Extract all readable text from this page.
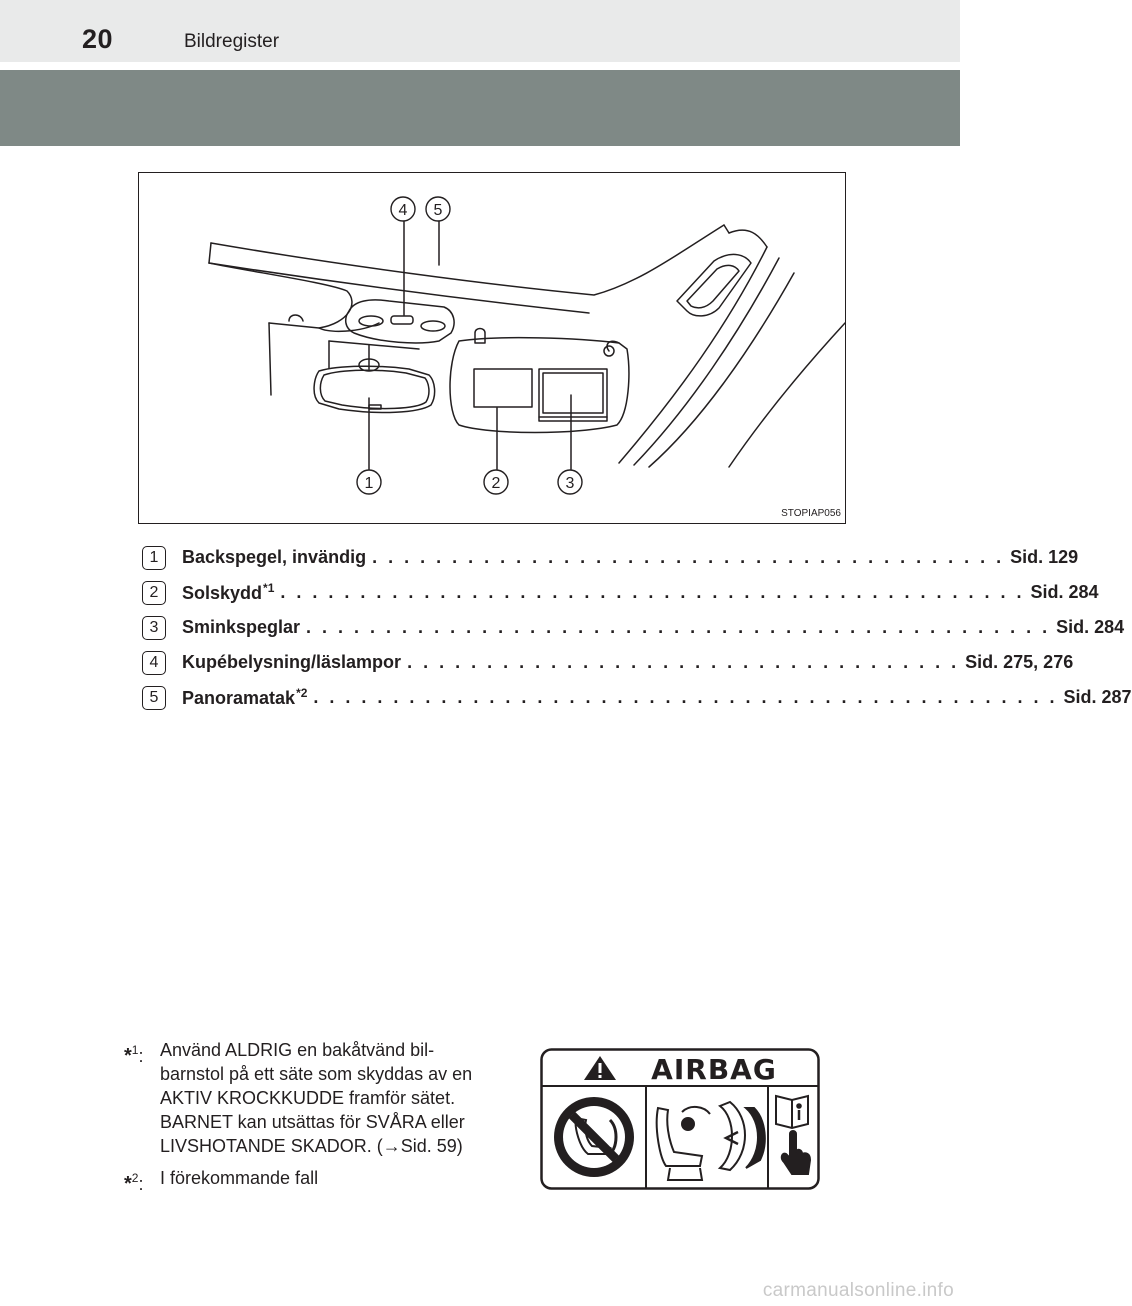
20	Bildregister
4 5
1	2	3
STOPIAP056
1	Backspegel, invändig . . . . . . . . . . . . . . . . . . . . . . . . . . . . . . . . . . . . . . . . Sid. 129
2	Solskydd$^{*1}$ . . . . . . . . . . . . . . . . . . . . . . . . . . . . . . . . . . . . . . . . . . . . . . . Sid. 284
3	Sminkspeglar . . . . . . . . . . . . . . . . . . . . . . . . . . . . . . . . . . . . . . . . . . . . . . . Sid. 284
4	Kupébelysning/läslampor . . . . . . . . . . . . . . . . . . . . . . . . . . . . . . . . . . . Sid. 275, 276
5	Panoramatak$^{*2}$ . . . . . . . . . . . . . . . . . . . . . . . . . . . . . . . . . . . . . . . . . . . . . . . Sid. 287
*$^1$: Använd ALDRIG en bakåtvänd bil-
barnstol på ett säte som skyddas av en
AKTIV KROCKKUDDE framför sätet.
BARNET kan utsättas för SVÅRA eller
LIVSHOTANDE SKADOR. (→Sid. 59)
*$^2$: I förekommande fall
AIRBAG
carmanualsonline.info
